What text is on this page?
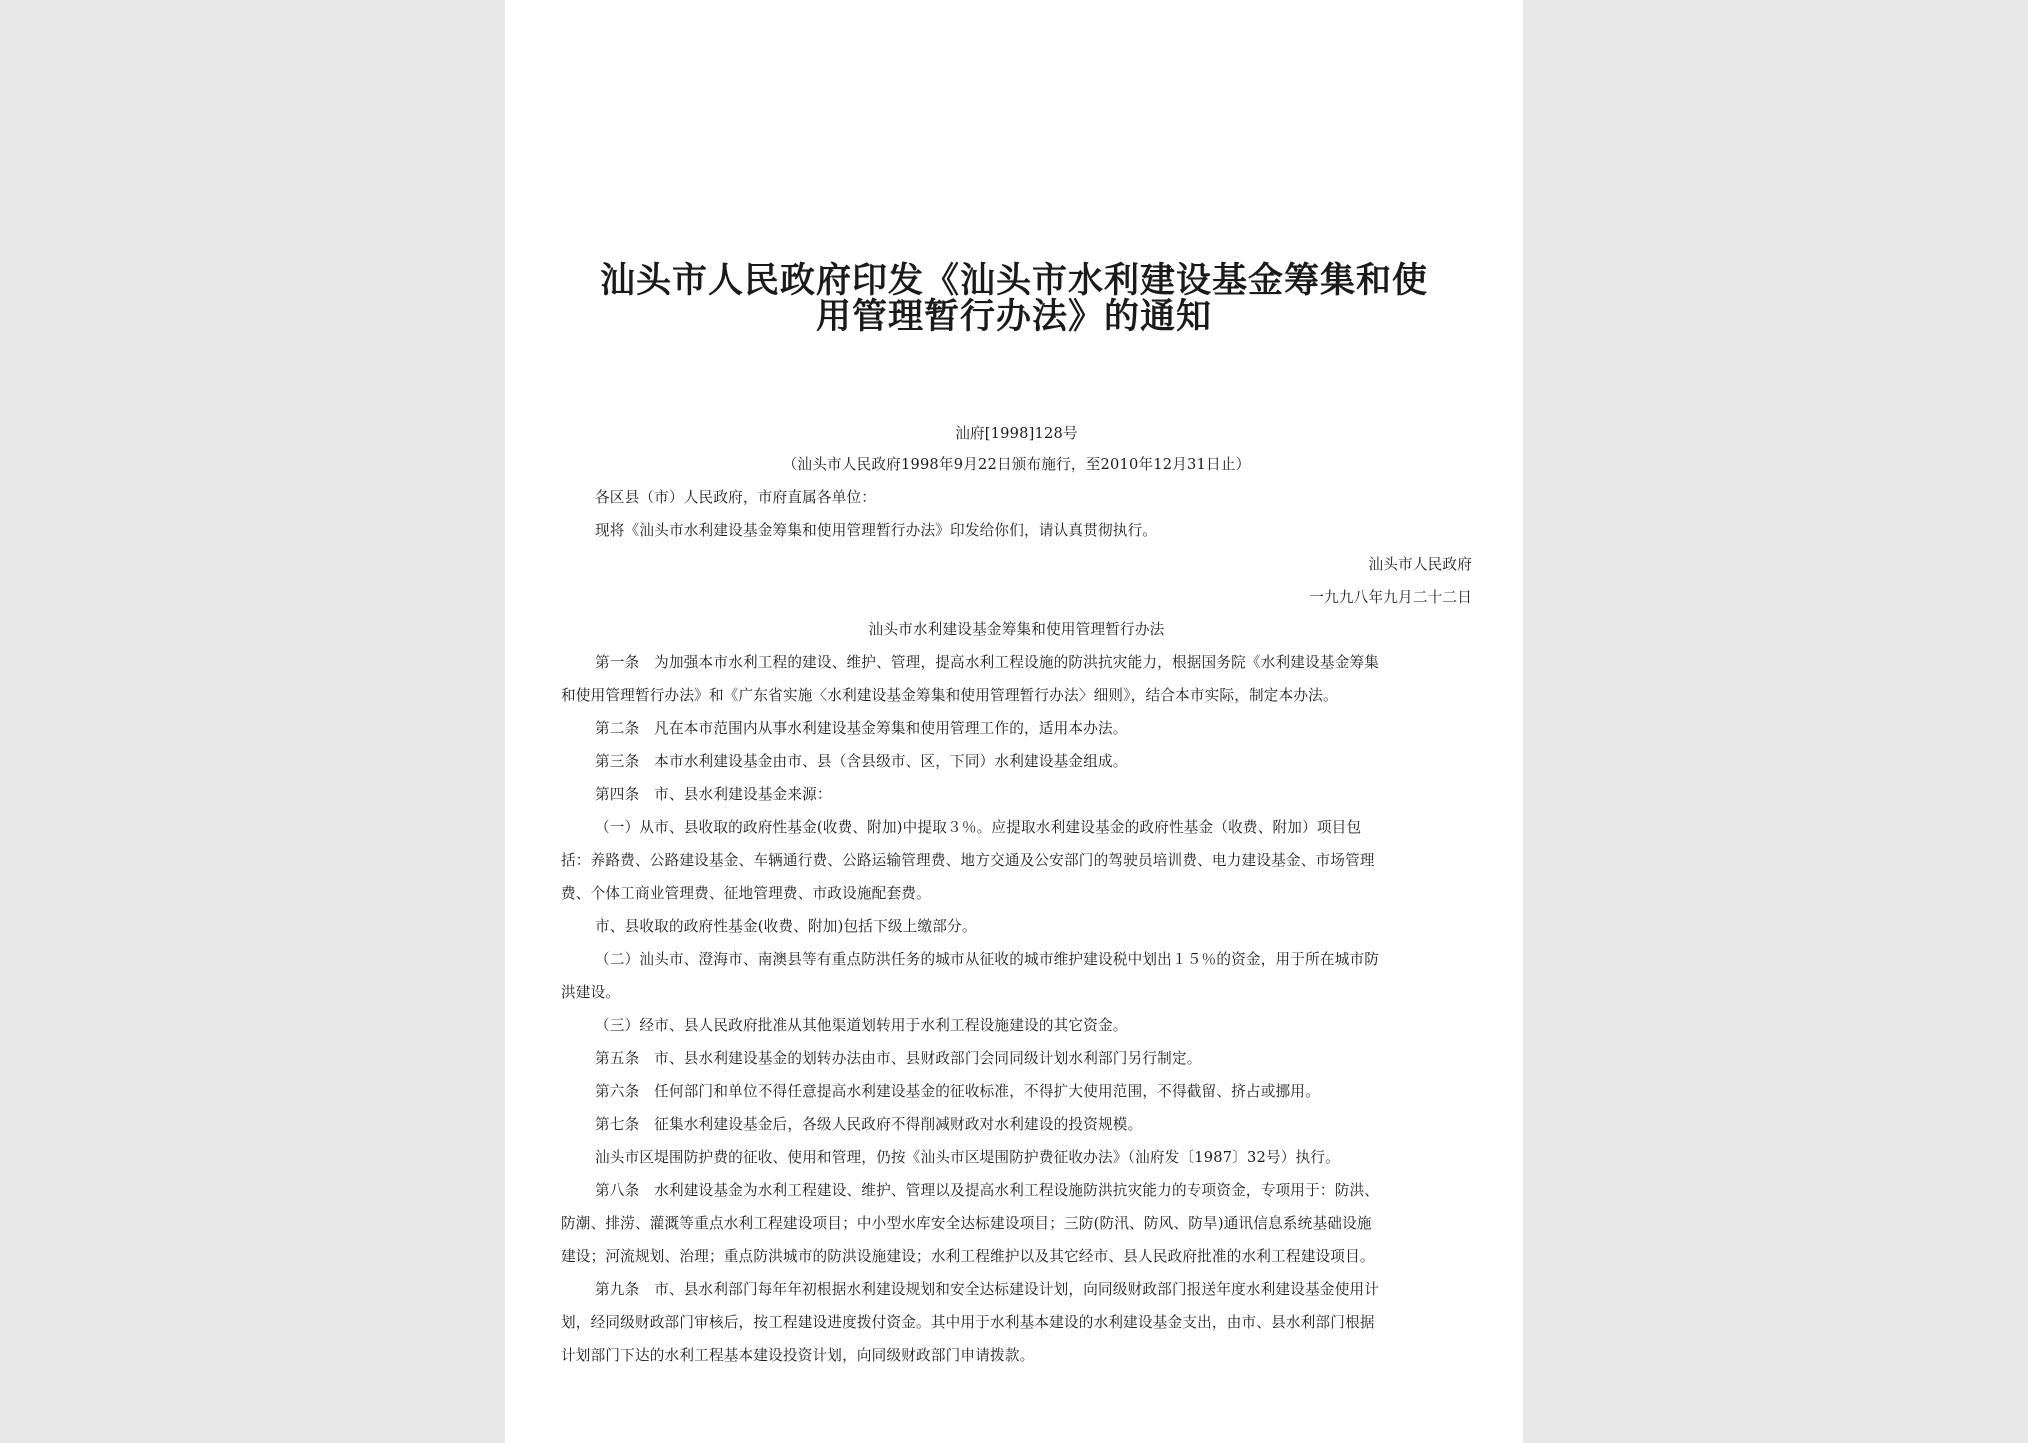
汕头市人民政府印发《汕头市水利建设基金筹集和使
用管理暂行办法》的通知
汕府[1998]128号
（汕头市人民政府1998年9月22日颁布施行，至2010年12月31日止）
各区县（市）人民政府，市府直属各单位：
现将《汕头市水利建设基金筹集和使用管理暂行办法》印发给你们，请认真贯彻执行。
汕头市人民政府
一九九八年九月二十二日
汕头市水利建设基金筹集和使用管理暂行办法
第一条　为加强本市水利工程的建设、维护、管理，提高水利工程设施的防洪抗灾能力，根据国务院《水利建设基金筹集
和使用管理暂行办法》和《广东省实施〈水利建设基金筹集和使用管理暂行办法〉细则》，结合本市实际，制定本办法。
第二条　凡在本市范围内从事水利建设基金筹集和使用管理工作的，适用本办法。
第三条　本市水利建设基金由市、县（含县级市、区，下同）水利建设基金组成。
第四条　市、县水利建设基金来源：
（一）从市、县收取的政府性基金(收费、附加)中提取３％。应提取水利建设基金的政府性基金（收费、附加）项目包
括：养路费、公路建设基金、车辆通行费、公路运输管理费、地方交通及公安部门的驾驶员培训费、电力建设基金、市场管理
费、个体工商业管理费、征地管理费、市政设施配套费。
市、县收取的政府性基金(收费、附加)包括下级上缴部分。
（二）汕头市、澄海市、南澳县等有重点防洪任务的城市从征收的城市维护建设税中划出１５％的资金，用于所在城市防
洪建设。
（三）经市、县人民政府批准从其他渠道划转用于水利工程设施建设的其它资金。
第五条　市、县水利建设基金的划转办法由市、县财政部门会同同级计划水利部门另行制定。
第六条　任何部门和单位不得任意提高水利建设基金的征收标准，不得扩大使用范围，不得截留、挤占或挪用。
第七条　征集水利建设基金后，各级人民政府不得削减财政对水利建设的投资规模。
汕头市区堤围防护费的征收、使用和管理，仍按《汕头市区堤围防护费征收办法》（汕府发〔1987〕32号）执行。
第八条　水利建设基金为水利工程建设、维护、管理以及提高水利工程设施防洪抗灾能力的专项资金，专项用于：防洪、
防潮、排涝、灌溉等重点水利工程建设项目；中小型水库安全达标建设项目；三防(防汛、防风、防旱)通讯信息系统基础设施
建设；河流规划、治理；重点防洪城市的防洪设施建设；水利工程维护以及其它经市、县人民政府批准的水利工程建设项目。
第九条　市、县水利部门每年年初根据水利建设规划和安全达标建设计划，向同级财政部门报送年度水利建设基金使用计
划，经同级财政部门审核后，按工程建设进度拨付资金。其中用于水利基本建设的水利建设基金支出，由市、县水利部门根据
计划部门下达的水利工程基本建设投资计划，向同级财政部门申请拨款。
